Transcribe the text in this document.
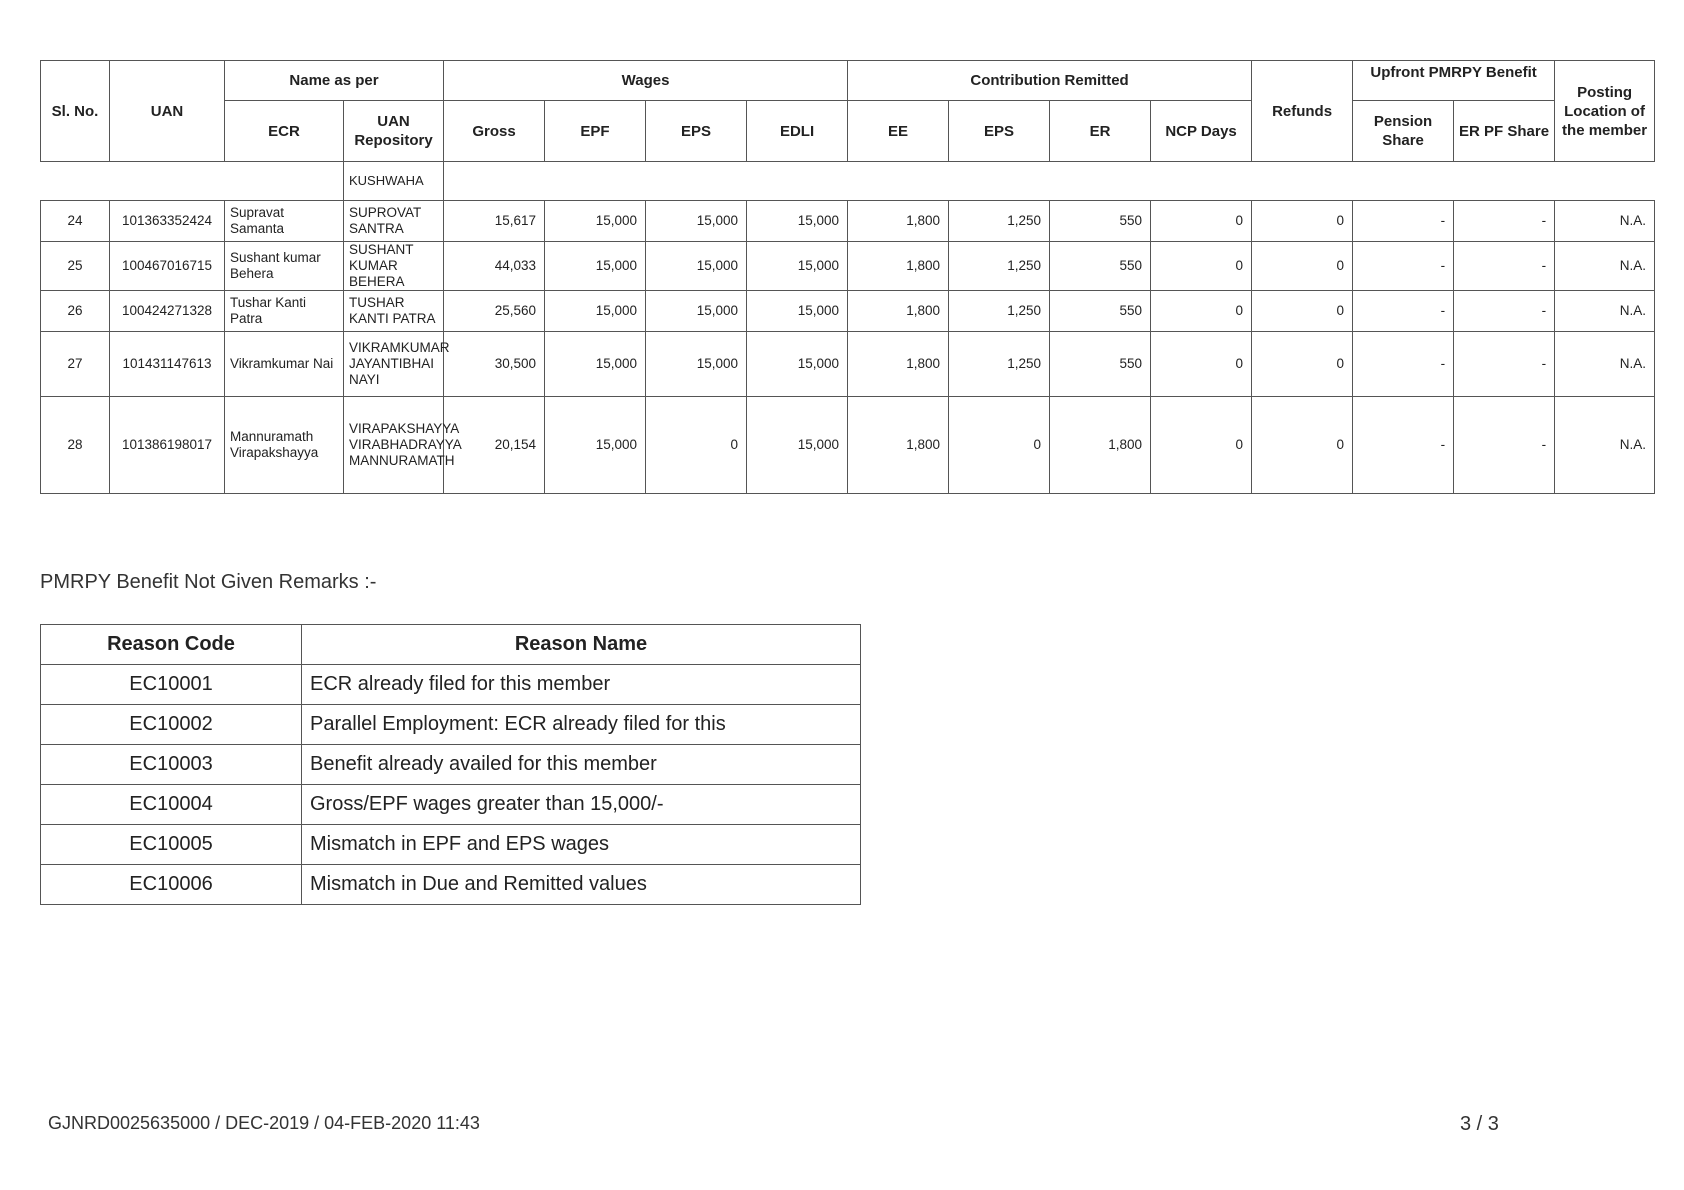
Sl. No.	UAN	Name as per		Wages				Contribution Remitted				Refunds	Upfront PMRPY Benefit		Posting Location of the member
		ECR	UAN Repository	Gross	EPF	EPS	EDLI	EE	EPS	ER	NCP Days		Pension Share	ER PF Share	
			KUSHWAHA												
24	101363352424	Supravat Samanta	SUPROVAT SANTRA	15,617	15,000	15,000	15,000	1,800	1,250	550	0	0	-	-	N.A.
25	100467016715	Sushant kumar Behera	SUSHANT KUMAR BEHERA	44,033	15,000	15,000	15,000	1,800	1,250	550	0	0	-	-	N.A.
26	100424271328	Tushar Kanti Patra	TUSHAR KANTI PATRA	25,560	15,000	15,000	15,000	1,800	1,250	550	0	0	-	-	N.A.
27	101431147613	Vikramkumar Nai	VIKRAMKUMAR JAYANTIBHAI NAYI	30,500	15,000	15,000	15,000	1,800	1,250	550	0	0	-	-	N.A.
28	101386198017	Mannuramath Virapakshayya	VIRAPAKSHAYYA VIRABHADRAYYA MANNURAMATH	20,154	15,000	0	15,000	1,800	0	1,800	0	0	-	-	N.A.
PMRPY Benefit Not Given Remarks :-
Reason Code	Reason Name
EC10001	ECR already filed for this member
EC10002	Parallel Employment: ECR already filed for this
EC10003	Benefit already availed for this member
EC10004	Gross/EPF wages greater than 15,000/-
EC10005	Mismatch in EPF and EPS wages
EC10006	Mismatch in Due and Remitted values
GJNRD0025635000 / DEC-2019 / 04-FEB-2020 11:43	3 / 3
